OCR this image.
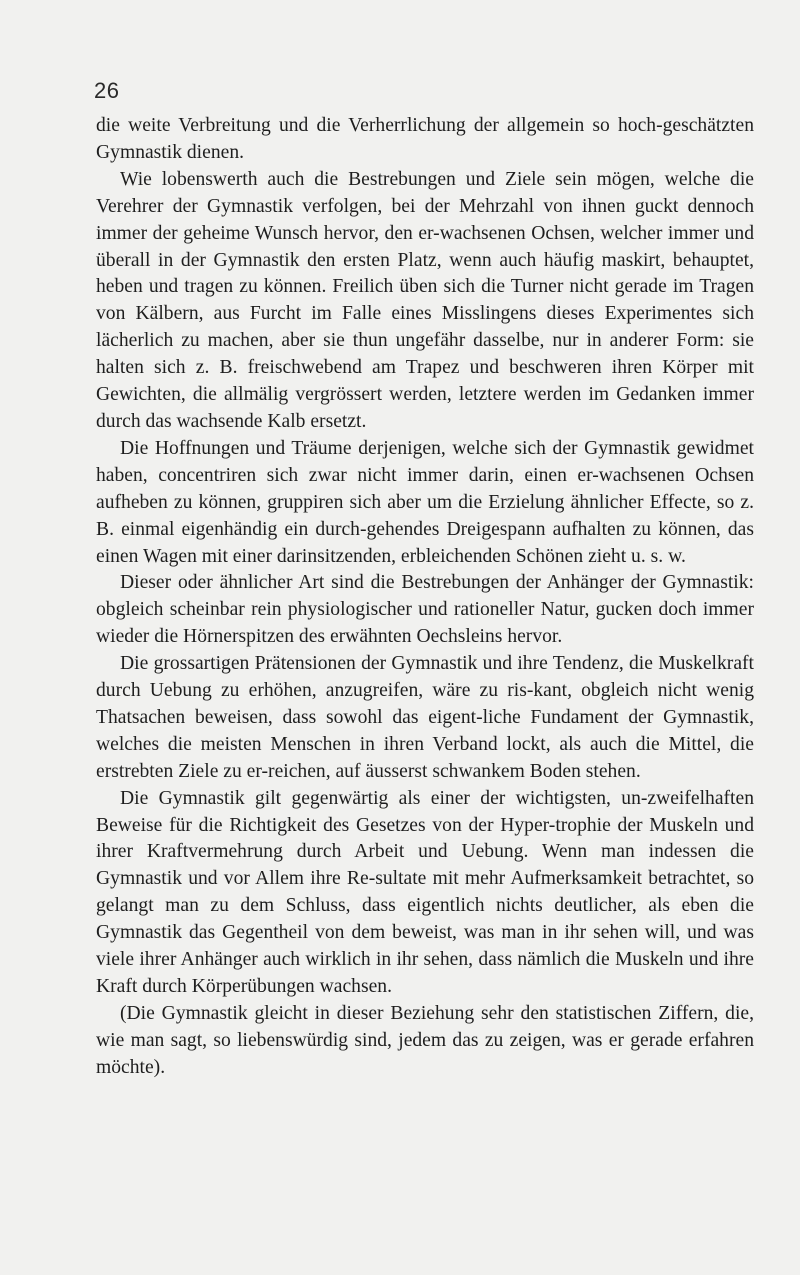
26

die weite Verbreitung und die Verherrlichung der allgemein so hoch-geschätzten Gymnastik dienen.

Wie lobenswerth auch die Bestrebungen und Ziele sein mögen, welche die Verehrer der Gymnastik verfolgen, bei der Mehrzahl von ihnen guckt dennoch immer der geheime Wunsch hervor, den er-wachsenen Ochsen, welcher immer und überall in der Gymnastik den ersten Platz, wenn auch häufig maskirt, behauptet, heben und tragen zu können. Freilich üben sich die Turner nicht gerade im Tragen von Kälbern, aus Furcht im Falle eines Misslingens dieses Experimentes sich lächerlich zu machen, aber sie thun ungefähr dasselbe, nur in anderer Form: sie halten sich z. B. freischwebend am Trapez und beschweren ihren Körper mit Gewichten, die allmälig vergrössert werden, letztere werden im Gedanken immer durch das wachsende Kalb ersetzt.

Die Hoffnungen und Träume derjenigen, welche sich der Gymnastik gewidmet haben, concentriren sich zwar nicht immer darin, einen er-wachsenen Ochsen aufheben zu können, gruppiren sich aber um die Erzielung ähnlicher Effecte, so z. B. einmal eigenhändig ein durch-gehendes Dreigespann aufhalten zu können, das einen Wagen mit einer darinsitzenden, erbleichenden Schönen zieht u. s. w.

Dieser oder ähnlicher Art sind die Bestrebungen der Anhänger der Gymnastik: obgleich scheinbar rein physiologischer und rationeller Natur, gucken doch immer wieder die Hörnerspitzen des erwähnten Oechsleins hervor.

Die grossartigen Prätensionen der Gymnastik und ihre Tendenz, die Muskelkraft durch Uebung zu erhöhen, anzugreifen, wäre zu ris-kant, obgleich nicht wenig Thatsachen beweisen, dass sowohl das eigent-liche Fundament der Gymnastik, welches die meisten Menschen in ihren Verband lockt, als auch die Mittel, die erstrebten Ziele zu er-reichen, auf äusserst schwankem Boden stehen.

Die Gymnastik gilt gegenwärtig als einer der wichtigsten, un-zweifelhaften Beweise für die Richtigkeit des Gesetzes von der Hyper-trophie der Muskeln und ihrer Kraftvermehrung durch Arbeit und Uebung. Wenn man indessen die Gymnastik und vor Allem ihre Re-sultate mit mehr Aufmerksamkeit betrachtet, so gelangt man zu dem Schluss, dass eigentlich nichts deutlicher, als eben die Gymnastik das Gegentheil von dem beweist, was man in ihr sehen will, und was viele ihrer Anhänger auch wirklich in ihr sehen, dass nämlich die Muskeln und ihre Kraft durch Körperübungen wachsen.

(Die Gymnastik gleicht in dieser Beziehung sehr den statistischen Ziffern, die, wie man sagt, so liebenswürdig sind, jedem das zu zeigen, was er gerade erfahren möchte).
